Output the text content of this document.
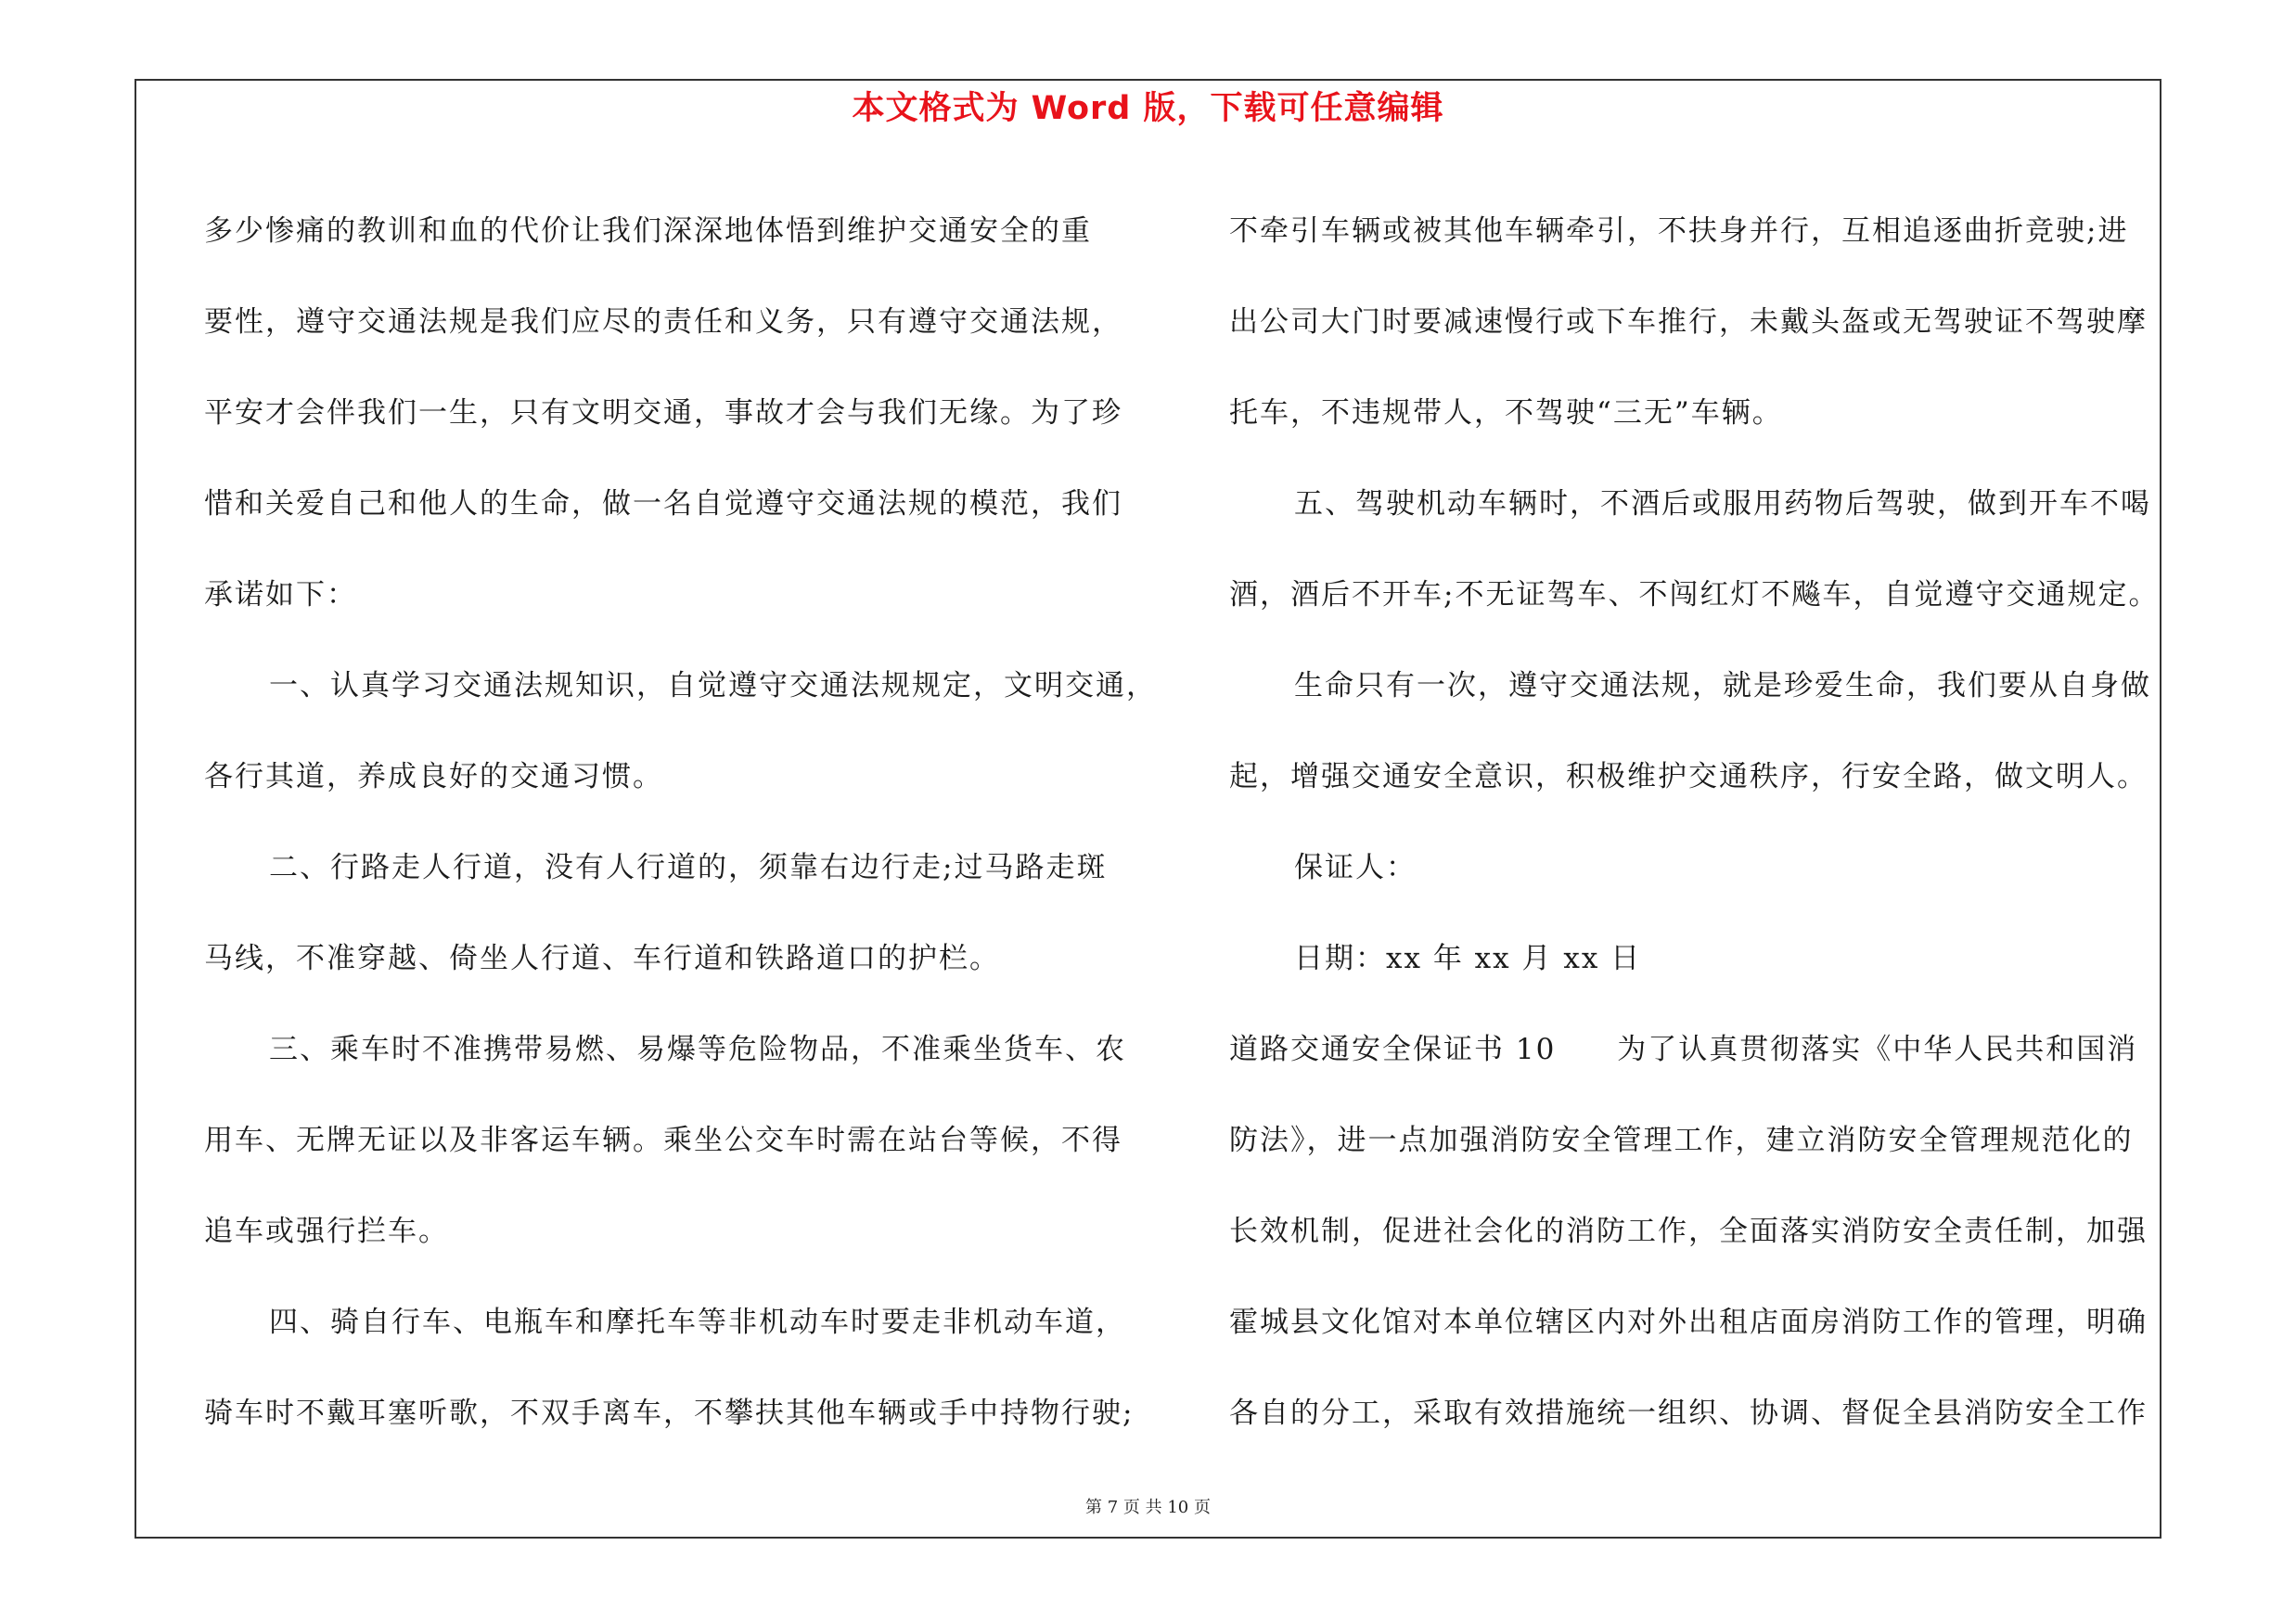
本文格式为 Word 版，下载可任意编辑

多少惨痛的教训和血的代价让我们深深地体悟到维护交通安全的重

要性，遵守交通法规是我们应尽的责任和义务，只有遵守交通法规，

平安才会伴我们一生，只有文明交通，事故才会与我们无缘。为了珍

惜和关爱自己和他人的生命，做一名自觉遵守交通法规的模范，我们

承诺如下：

一、认真学习交通法规知识，自觉遵守交通法规规定，文明交通，

各行其道，养成良好的交通习惯。

二、行路走人行道，没有人行道的，须靠右边行走;过马路走斑

马线，不准穿越、倚坐人行道、车行道和铁路道口的护栏。

三、乘车时不准携带易燃、易爆等危险物品，不准乘坐货车、农

用车、无牌无证以及非客运车辆。乘坐公交车时需在站台等候，不得

追车或强行拦车。

四、骑自行车、电瓶车和摩托车等非机动车时要走非机动车道，

骑车时不戴耳塞听歌，不双手离车，不攀扶其他车辆或手中持物行驶;

不牵引车辆或被其他车辆牵引，不扶身并行，互相追逐曲折竞驶;进

出公司大门时要减速慢行或下车推行，未戴头盔或无驾驶证不驾驶摩

托车，不违规带人，不驾驶“三无”车辆。

五、驾驶机动车辆时，不酒后或服用药物后驾驶，做到开车不喝

酒，酒后不开车;不无证驾车、不闯红灯不飚车，自觉遵守交通规定。

生命只有一次，遵守交通法规，就是珍爱生命，我们要从自身做

起，增强交通安全意识，积极维护交通秩序，行安全路，做文明人。

保证人：

日期：xx 年 xx 月 xx 日

道路交通安全保证书 10　　为了认真贯彻落实《中华人民共和国消

防法》，进一点加强消防安全管理工作，建立消防安全管理规范化的

长效机制，促进社会化的消防工作，全面落实消防安全责任制，加强

霍城县文化馆对本单位辖区内对外出租店面房消防工作的管理，明确

各自的分工，采取有效措施统一组织、协调、督促全县消防安全工作

第 7 页 共 10 页
